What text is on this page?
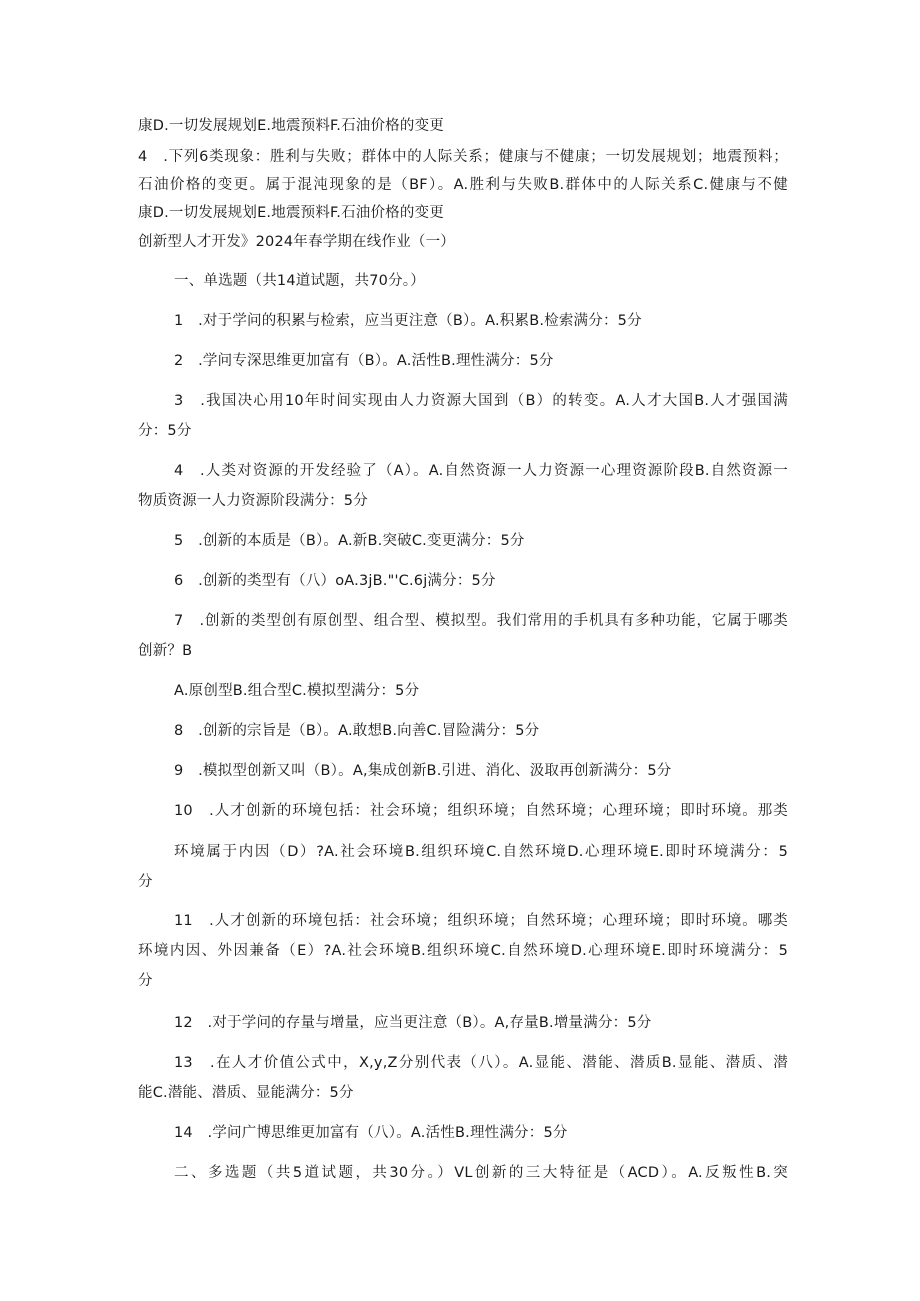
康D.一切发展规划E.地震预料F.石油价格的变更
4　.下列6类现象：胜利与失败；群体中的人际关系；健康与不健康；一切发展规划；地震预料；
石油价格的变更。属于混沌现象的是（BF）。A.胜利与失败B.群体中的人际关系C.健康与不健
康D.一切发展规划E.地震预料F.石油价格的变更
创新型人才开发》2024年春学期在线作业（一）
一、单选题（共14道试题，共70分。）
1　.对于学问的积累与检索，应当更注意（B）。A.积累B.检索满分：5分
2　.学问专深思维更加富有（B）。A.活性B.理性满分：5分
3　.我国决心用10年时间实现由人力资源大国到（B）的转变。A.人才大国B.人才强国满
分：5分
4　.人类对资源的开发经验了（A）。A.自然资源一人力资源一心理资源阶段B.自然资源一
物质资源一人力资源阶段满分：5分
5　.创新的本质是（B）。A.新B.突破C.变更满分：5分
6　.创新的类型有（八）oA.3jB."'C.6j满分：5分
7　.创新的类型创有原创型、组合型、模拟型。我们常用的手机具有多种功能，它属于哪类
创新？B
A.原创型B.组合型C.模拟型满分：5分
8　.创新的宗旨是（B）。A.敢想B.向善C.冒险满分：5分
9　.模拟型创新又叫（B）。A,集成创新B.引进、消化、汲取再创新满分：5分
10　.人才创新的环境包括：社会环境；组织环境；自然环境；心理环境；即时环境。那类
环境属于内因（D）?A.社会环境B.组织环境C.自然环境D.心理环境E.即时环境满分：5
分
11　.人才创新的环境包括：社会环境；组织环境；自然环境；心理环境；即时环境。哪类
环境内因、外因兼备（E）?A.社会环境B.组织环境C.自然环境D.心理环境E.即时环境满分：5
分
12　.对于学问的存量与增量，应当更注意（B）。A,存量B.增量满分：5分
13　.在人才价值公式中，X,y,Z分别代表（八）。A.显能、潜能、潜质B.显能、潜质、潜
能C.潜能、潜质、显能满分：5分
14　.学问广博思维更加富有（八）。A.活性B.理性满分：5分
二、多选题（共5道试题，共30分。）VL创新的三大特征是（ACD）。A.反叛性B.突
